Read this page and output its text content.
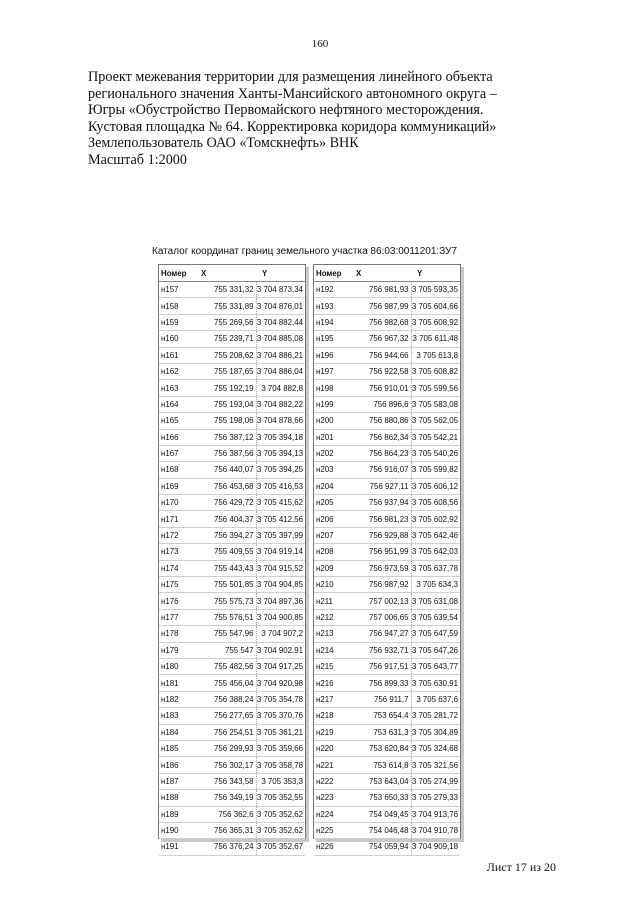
160
Проект межевания территории для размещения линейного объекта
регионального значения Ханты-Мансийского автономного округа –
Югры «Обустройство Первомайского нефтяного месторождения.
Кустовая площадка № 64. Корректировка коридора коммуникаций»
Землепользователь ОАО «Томскнефть» ВНК
Масштаб 1:2000
Каталог координат границ земельного участка 86:03:0011201:ЗУ7
Номер	X	Y
н157	755 331,32	3 704 873,34
н158	755 331,89	3 704 876,01
н159	755 269,56	3 704 882,44
н160	755 239,71	3 704 885,08
н161	755 208,62	3 704 886,21
н162	755 187,65	3 704 886,04
н163	755 192,19	3 704 882,8
н164	755 193,04	3 704 882,22
н165	755 198,06	3 704 878,66
н166	756 387,12	3 705 394,18
н167	756 387,56	3 705 394,13
н168	756 440,07	3 705 394,25
н169	756 453,68	3 705 416,53
н170	756 429,72	3 705 415,62
н171	756 404,37	3 705 412,56
н172	756 394,27	3 705 397,99
н173	755 409,55	3 704 919,14
н174	755 443,43	3 704 915,52
н175	755 501,85	3 704 904,85
н176	755 575,73	3 704 897,36
н177	755 576,51	3 704 900,85
н178	755 547,96	3 704 907,2
н179	755 547	3 704 902,91
н180	755 482,56	3 704 917,25
н181	755 456,04	3 704 920,98
н182	756 388,24	3 705 354,78
н183	756 277,65	3 705 370,76
н184	756 254,51	3 705 361,21
н185	756 299,93	3 705 359,66
н186	756 302,17	3 705 358,78
н187	756 343,58	3 705 353,3
н188	756 349,19	3 705 352,55
н189	756 362,6	3 705 352,62
н190	756 365,31	3 705 352,62
н191	756 376,24	3 705 352,67
Номер	X	Y
н192	756 981,93	3 705 593,35
н193	756 987,99	3 705 604,66
н194	756 982,68	3 705 608,92
н195	756 967,32	3 705 611,48
н196	756 944,66	3 705 613,8
н197	756 922,58	3 705 608,82
н198	756 910,01	3 705 599,56
н199	756 896,6	3 705 583,08
н200	756 880,86	3 705 562,05
н201	756 862,34	3 705 542,21
н202	756 864,23	3 705 540,26
н203	756 916,07	3 705 599,82
н204	756 927,11	3 705 606,12
н205	756 937,94	3 705 608,56
н206	756 981,23	3 705 602,92
н207	756 929,88	3 705 642,46
н208	756 951,99	3 705 642,03
н209	756 973,59	3 705 637,78
н210	756 987,92	3 705 634,3
н211	757 002,13	3 705 631,08
н212	757 006,65	3 705 639,54
н213	756 947,27	3 705 647,59
н214	756 932,71	3 705 647,26
н215	756 917,51	3 705 643,77
н216	756 899,33	3 705 630,91
н217	756 911,7	3 705 637,6
н218	753 654,4	3 705 281,72
н219	753 631,3	3 705 304,89
н220	753 620,84	3 705 324,68
н221	753 614,8	3 705 321,56
н222	753 643,04	3 705 274,99
н223	753 650,33	3 705 279,33
н224	754 049,45	3 704 913,76
н225	754 046,48	3 704 910,78
н226	754 059,94	3 704 909,18
Лист 17 из 20
